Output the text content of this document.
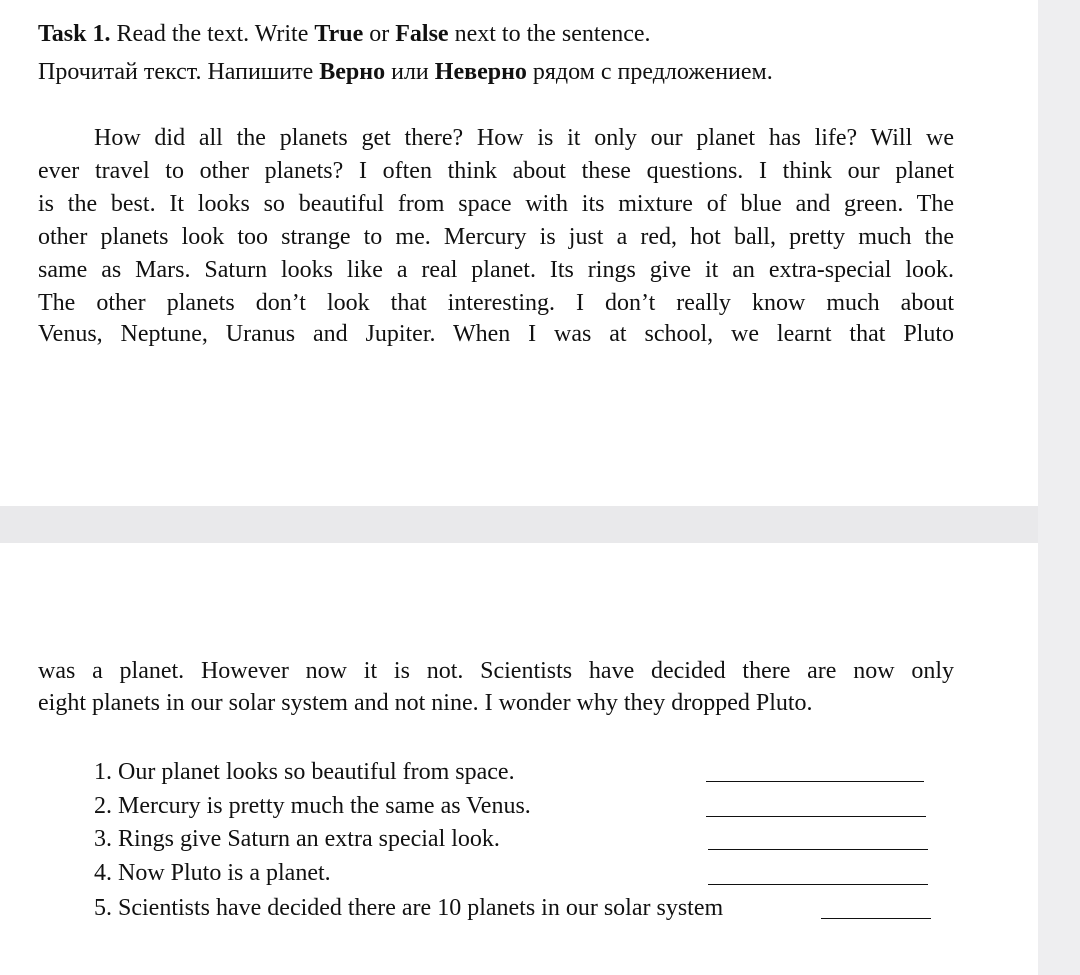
Task 1. Read the text. Write True or False next to the sentence.
Прочитай текст. Напишите Верно или Неверно рядом с предложением.
How did all the planets get there? How is it only our planet has life? Will we
ever travel to other planets? I often think about these questions. I think our planet
is the best. It looks so beautiful from space with its mixture of blue and green. The
other planets look too strange to me. Mercury is just a red, hot ball, pretty much the
same as Mars. Saturn looks like a real planet. Its rings give it an extra-special look.
The other planets don’t look that interesting. I don’t really know much about
Venus, Neptune, Uranus and Jupiter. When I was at school, we learnt that Pluto
was a planet. However now it is not. Scientists have decided there are now only
eight planets in our solar system and not nine. I wonder why they dropped Pluto.
1. Our planet looks so beautiful from space.
2. Mercury is pretty much the same as Venus.
3. Rings give Saturn an extra special look.
4. Now Pluto is a planet.
5. Scientists have decided there are 10 planets in our solar system
